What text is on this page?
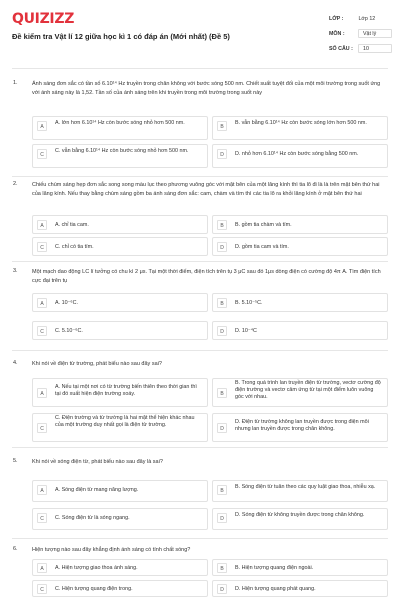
QUIZIZZ
Đề kiểm tra Vật lí 12 giữa học kì 1 có đáp án (Mới nhất) (Đề 5)
LỚP :	Lớp 12
MÔN :	Vật lý
SỐ CÂU :	10
1.	Ánh sáng đơn sắc có tần số 6.10¹⁴ Hz truyền trong chân không với bước sóng 500 nm. Chiết suất tuyệt đối của một môi trường trong suốt ứng với ánh sáng này là 1,52. Tần số của ánh sáng trên khi truyền trong môi trường trong suốt này
A
A. lớn hơn 6.10¹⁴ Hz còn bước sóng nhỏ hơn 500 nm.
B
B. vẫn bằng 6.10¹⁴ Hz còn bước sóng lớn hơn 500 nm.
C
C. vẫn bằng 6.10¹⁴ Hz còn bước sóng nhỏ hơn 500 nm.
D	D. nhỏ hơn 6.10¹⁴ Hz còn bước sóng bằng 500 nm.
2.	Chiếu chùm sáng hẹp đơn sắc song song màu lục theo phương vuông góc với mặt bên của một lăng kính thì tia lõ đi là là trên mặt bên thứ hai của lăng kính. Nếu thay bằng chùm sáng gồm ba ánh sáng đơn sắc: cam, chàm và tím thì các tia lõ ra khỏi lăng kính ở mặt bên thứ hai
A	A. chỉ tia cam.	B	B. gồm tia chàm và tím.
C	C. chỉ có tia tím.	D	D. gồm tia cam và tím.
3.	Một mạch dao động LC lí tưởng có chu kì 2 μs. Tại một thời điểm, điện tích trên tụ 3 μC sau đó 1μs dòng điện có cường độ 4π A. Tìm điện tích cực đại trên tụ
A	A. 10⁻⁶C.	B	B. 5.10⁻⁵C.
C	C. 5.10⁻⁶C.	D	D. 10⁻⁴C
4.	Khi nói về điện từ trường, phát biểu nào sau đây sai?
A
A. Nếu tại một nơi có từ trường biến thiên theo thời gian thì tại đó xuất hiện điện trường xoáy.	B
B. Trong quá trình lan truyền điện từ trường, vectơ cường độ điện trường và vectơ cảm ứng từ tại một điểm luôn vuông góc với nhau.
C
C. Điện trường và từ trường là hai mặt thể hiện khác nhau của một trường duy nhất gọi là điện từ trường.
D
D. Điện từ trường không lan truyền được trong điện môi nhưng lan truyền được trong chân không.
5.	Khi nói về sóng điện từ, phát biểu nào sau đây là sai?
A	A. Sóng điện từ mang năng lượng.	B
B. Sóng điện từ tuân theo các quy luật giao thoa, nhiễu xạ.
C	C. Sóng điện từ là sóng ngang.	D
D. Sóng điện từ không truyền được trong chân không.
6.	Hiện tượng nào sau đây khẳng định ánh sáng có tính chất sóng?
A	A. Hiện tượng giao thoa ánh sáng.	B	B. Hiện tượng quang điện ngoài.
C	C. Hiện tượng quang điện trong.	D	D. Hiện tượng quang phát quang.
